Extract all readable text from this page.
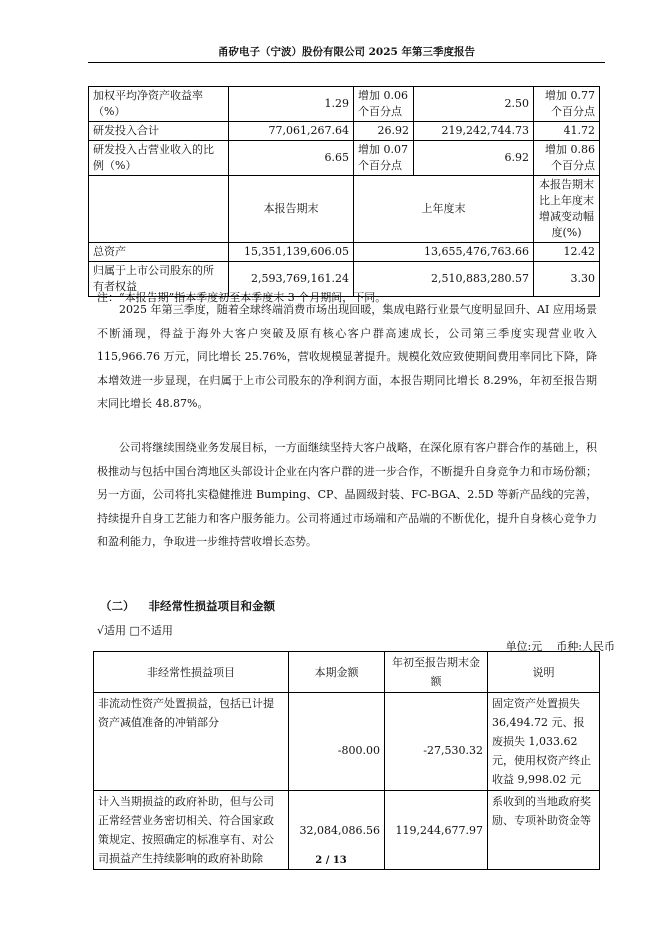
甬矽电子（宁波）股份有限公司 2025 年第三季度报告
加权平均净资产收益率（%）	1.29	增加 0.06 个百分点	2.50	增加 0.77 个百分点
研发投入合计	77,061,267.64	26.92	219,242,744.73	41.72
研发投入占营业收入的比例（%）	6.65	增加 0.07 个百分点	6.92	增加 0.86 个百分点
	本报告期末	上年度末		本报告期末比上年度末增减变动幅度(%)
总资产	15,351,139,606.05	13,655,476,763.66		12.42
归属于上市公司股东的所有者权益	2,593,769,161.24	2,510,883,280.57		3.30
注：“本报告期”指本季度初至本季度末 3 个月期间，下同。

2025 年第三季度，随着全球终端消费市场出现回暖，集成电路行业景气度明显回升、AI 应用场景不断涌现，得益于海外大客户突破及原有核心客户群高速成长，公司第三季度实现营业收入 115,966.76 万元，同比增长 25.76%，营收规模显著提升。规模化效应致使期间费用率同比下降，降本增效进一步显现，在归属于上市公司股东的净利润方面，本报告期同比增长 8.29%，年初至报告期末同比增长 48.87%。

公司将继续围绕业务发展目标，一方面继续坚持大客户战略，在深化原有客户群合作的基础上，积极推动与包括中国台湾地区头部设计企业在内客户群的进一步合作，不断提升自身竞争力和市场份额；另一方面，公司将扎实稳健推进 Bumping、CP、晶圆级封装、FC-BGA、2.5D 等新产品线的完善，持续提升自身工艺能力和客户服务能力。公司将通过市场端和产品端的不断优化，提升自身核心竞争力和盈利能力，争取进一步维持营收增长态势。

（二） 非经常性损益项目和金额
√适用 □不适用
单位:元 币种:人民币
非经常性损益项目	本期金额	年初至报告期末金额	说明
非流动性资产处置损益，包括已计提资产减值准备的冲销部分	-800.00	-27,530.32	固定资产处置损失 36,494.72 元、报废损失 1,033.62 元，使用权资产终止收益 9,998.02 元
计入当期损益的政府补助，但与公司正常经营业务密切相关、符合国家政策规定、按照确定的标准享有、对公司损益产生持续影响的政府补助除	32,084,086.56	119,244,677.97	系收到的当地政府奖励、专项补助资金等
2 / 13
